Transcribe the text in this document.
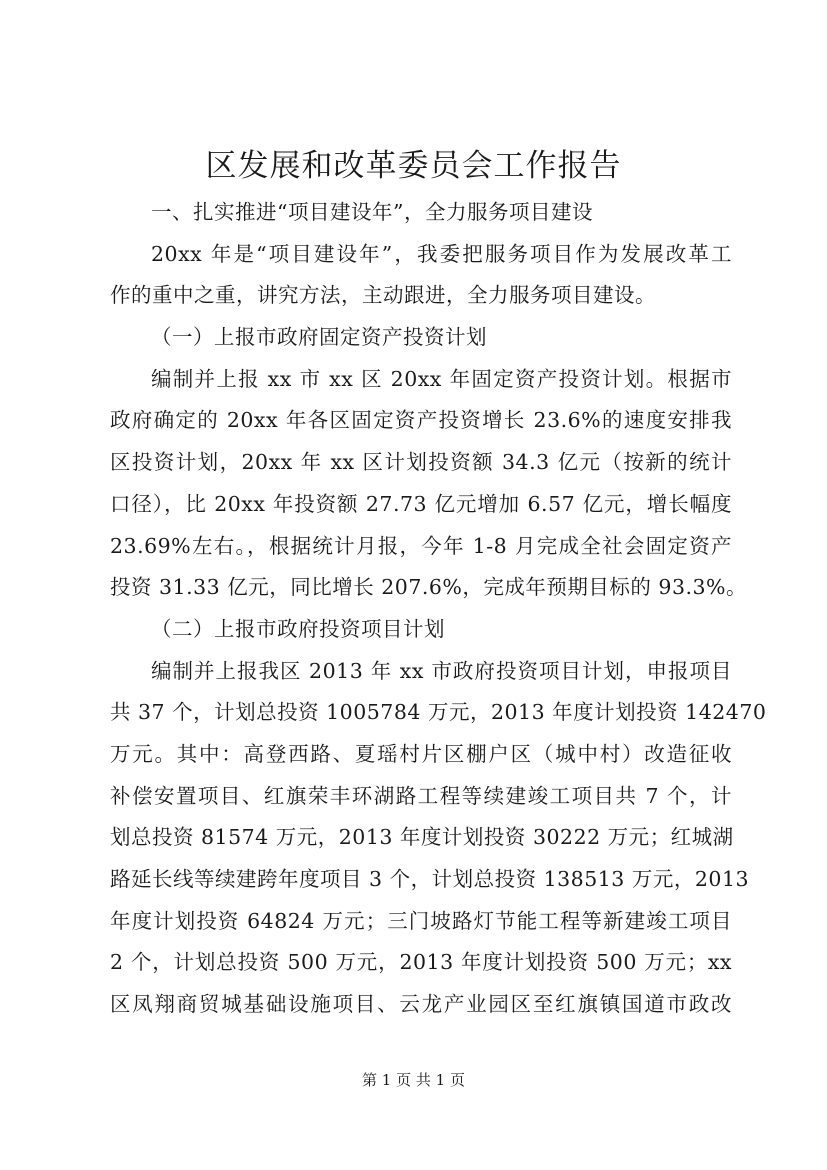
区发展和改革委员会工作报告
一、扎实推进“项目建设年”，全力服务项目建设
20xx 年是“项目建设年”，我委把服务项目作为发展改革工
作的重中之重，讲究方法，主动跟进，全力服务项目建设。
（一）上报市政府固定资产投资计划
编制并上报 xx 市 xx 区 20xx 年固定资产投资计划。根据市
政府确定的 20xx 年各区固定资产投资增长 23.6%的速度安排我
区投资计划，20xx 年 xx 区计划投资额 34.3 亿元（按新的统计
口径），比 20xx 年投资额 27.73 亿元增加 6.57 亿元，增长幅度
23.69%左右。，根据统计月报，今年 1-8 月完成全社会固定资产
投资 31.33 亿元，同比增长 207.6%，完成年预期目标的 93.3%。
（二）上报市政府投资项目计划
编制并上报我区 2013 年 xx 市政府投资项目计划，申报项目
共 37 个，计划总投资 1005784 万元，2013 年度计划投资 142470
万元。其中：高登西路、夏瑶村片区棚户区（城中村）改造征收
补偿安置项目、红旗荣丰环湖路工程等续建竣工项目共 7 个，计
划总投资 81574 万元，2013 年度计划投资 30222 万元；红城湖
路延长线等续建跨年度项目 3 个，计划总投资 138513 万元，2013
年度计划投资 64824 万元；三门坡路灯节能工程等新建竣工项目
2 个，计划总投资 500 万元，2013 年度计划投资 500 万元；xx
区凤翔商贸城基础设施项目、云龙产业园区至红旗镇国道市政改
第 1 页 共 1 页
